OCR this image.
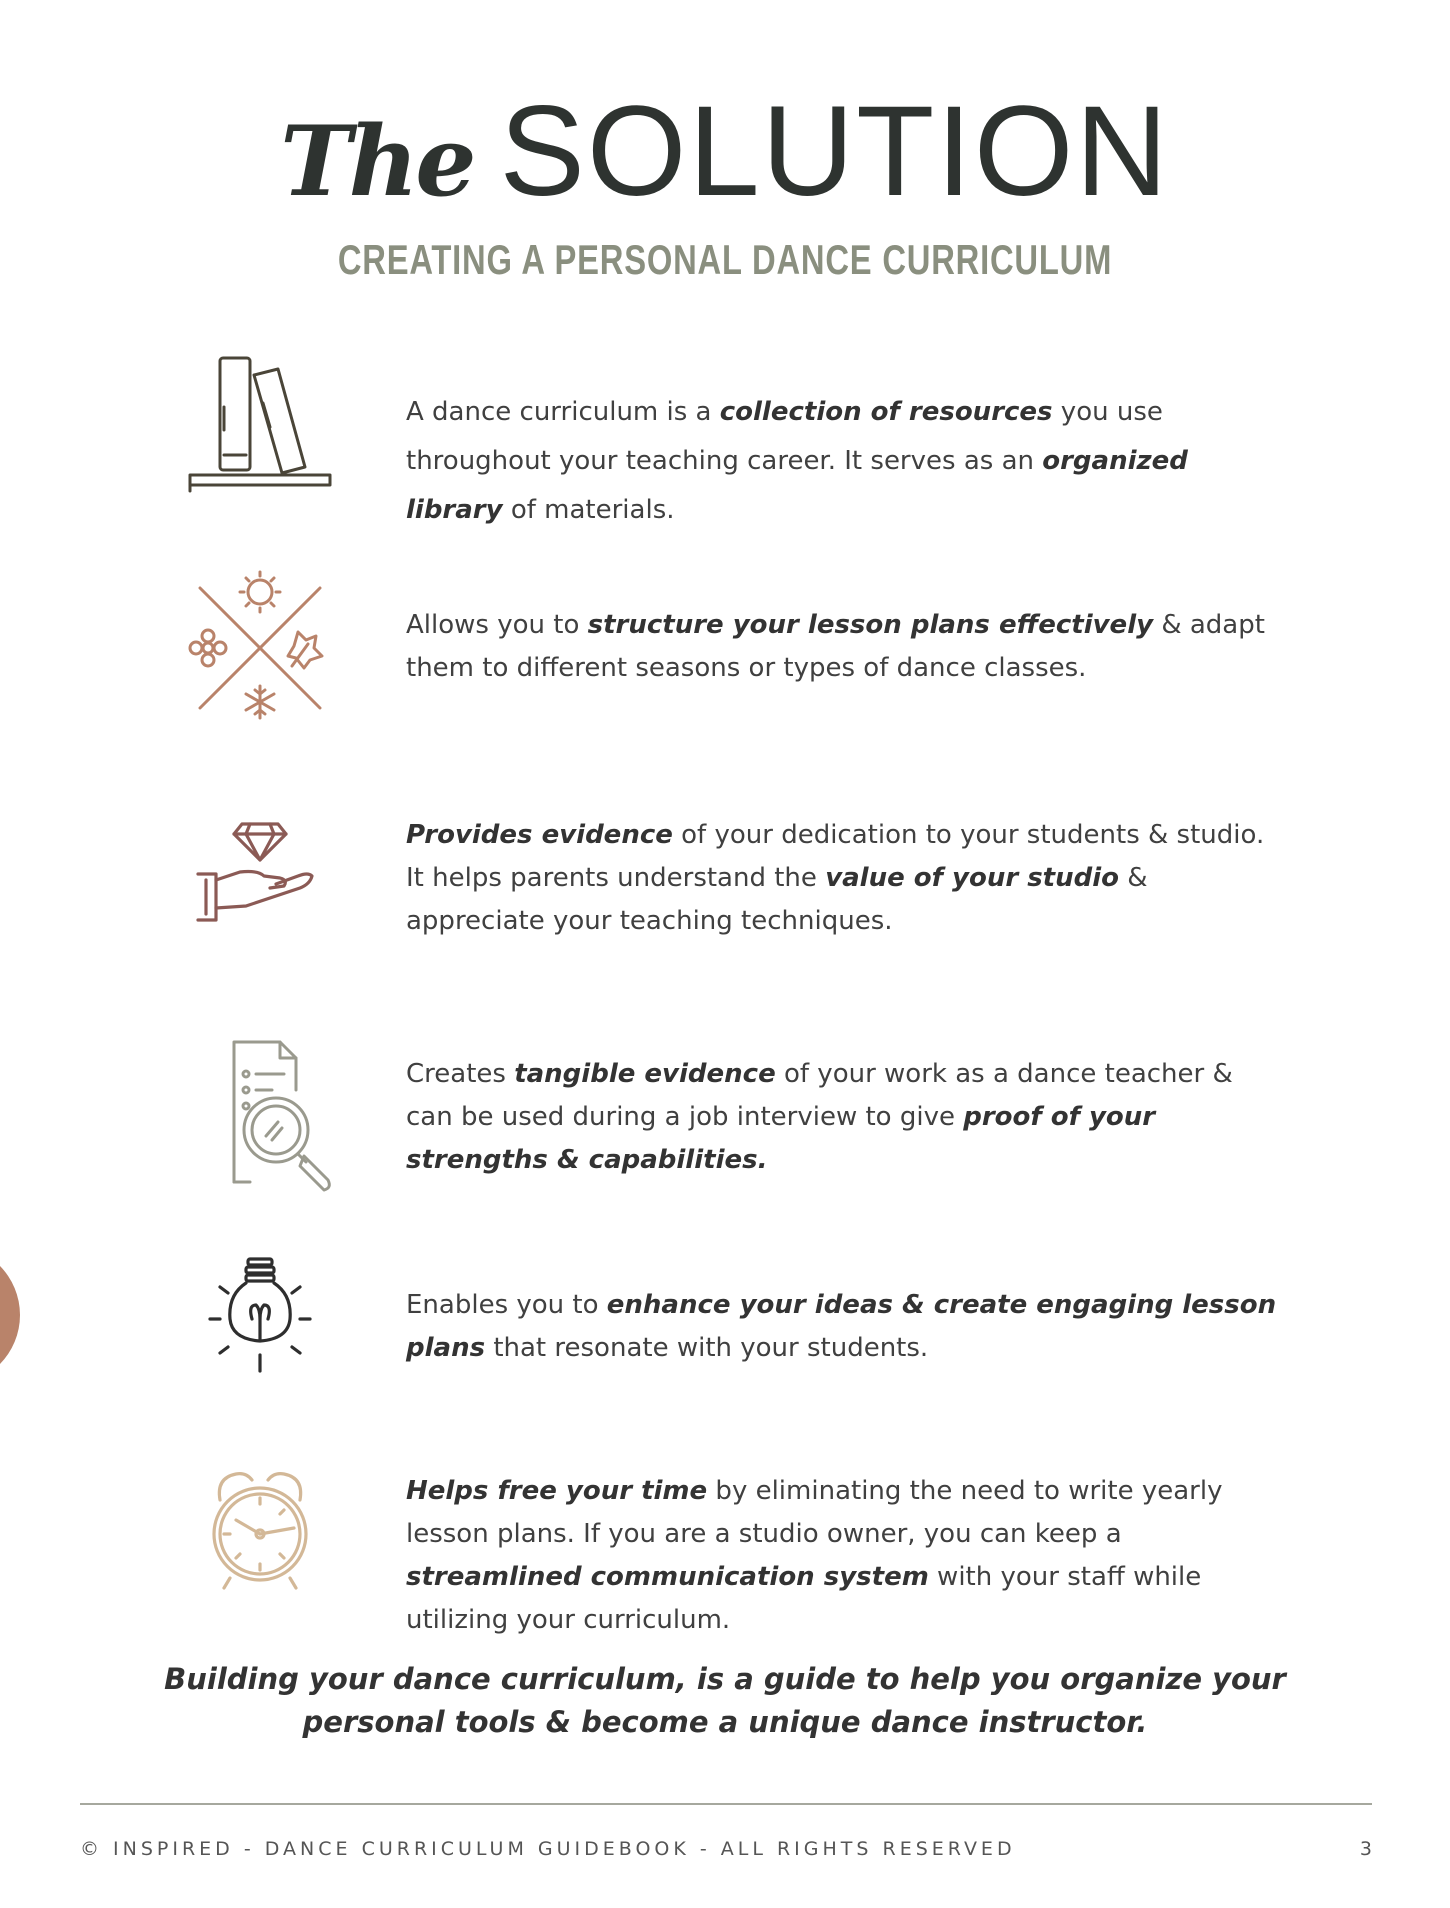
The SOLUTION
CREATING A PERSONAL DANCE CURRICULUM
A dance curriculum is a collection of resources you use throughout your teaching career. It serves as an organized library of materials.
Allows you to structure your lesson plans effectively & adapt them to different seasons or types of dance classes.
Provides evidence of your dedication to your students & studio. It helps parents understand the value of your studio & appreciate your teaching techniques.
Creates tangible evidence of your work as a dance teacher & can be used during a job interview to give proof of your strengths & capabilities.
Enables you to enhance your ideas & create engaging lesson plans that resonate with your students.
Helps free your time by eliminating the need to write yearly lesson plans. If you are a studio owner, you can keep a streamlined communication system with your staff while utilizing your curriculum.
Building your dance curriculum, is a guide to help you organize your personal tools & become a unique dance instructor.
© INSPIRED - DANCE CURRICULUM GUIDEBOOK - ALL RIGHTS RESERVED	3
